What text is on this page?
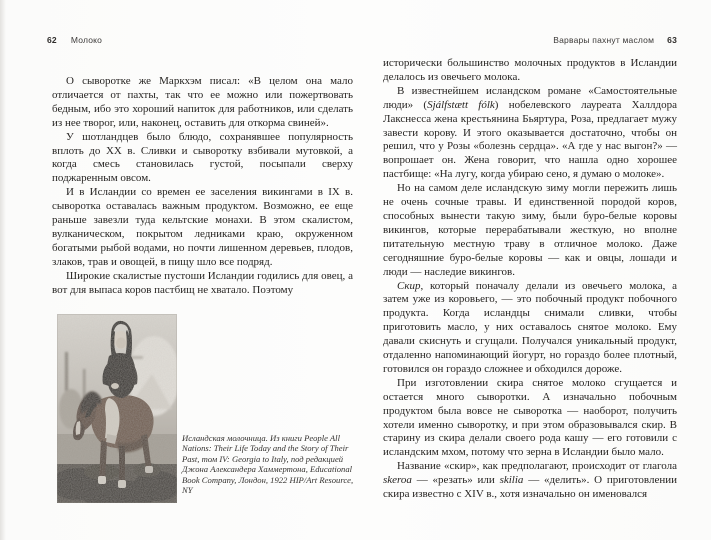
62 Молоко	Варвары пахнут маслом 63

О сыворотке же Маркхэм писал: «В целом она мало отличается от пахты, так что ее можно или пожертвовать бедным, ибо это хороший напиток для работников, или сделать из нее творог, или, наконец, оставить для откорма свиней».

У шотландцев было блюдо, сохранявшее популярность вплоть до XX в. Сливки и сыворотку взбивали мутовкой, а когда смесь становилась густой, посыпали сверху поджаренным овсом.

И в Исландии со времен ее заселения викингами в IX в. сыворотка оставалась важным продуктом. Возможно, ее еще раньше завезли туда кельтские монахи. В этом скалистом, вулканическом, покрытом ледниками краю, окруженном богатыми рыбой водами, но почти лишенном деревьев, плодов, злаков, трав и овощей, в пищу шло все подряд.

Широкие скалистые пустоши Исландии годились для овец, а вот для выпаса коров пастбищ не хватало. Поэтому

Исландская молочница. Из книги People All Nations: Their Life Today and the Story of Their Past, том IV: Georgia to Italy, под редакцией Джона Александера Хаммертона, Educational Book Company, Лондон, 1922 HIP/Art Resource, NY

исторически большинство молочных продуктов в Исландии делалось из овечьего молока.

В известнейшем исландском романе «Самостоятельные люди» (Sjálfstætt fólk) нобелевского лауреата Халлдора Лакснесса жена крестьянина Бьяртура, Роза, предлагает мужу завести корову. И этого оказывается достаточно, чтобы он решил, что у Розы «болезнь сердца». «А где у нас выгон?» — вопрошает он. Жена говорит, что нашла одно хорошее пастбище: «На лугу, когда убираю сено, я думаю о молоке».

Но на самом деле исландскую зиму могли пережить лишь не очень сочные травы. И единственной породой коров, способных вынести такую зиму, были буро-белые коровы викингов, которые перерабатывали жесткую, но вполне питательную местную траву в отличное молоко. Даже сегодняшние буро-белые коровы — как и овцы, лошади и люди — наследие викингов.

Скир, который поначалу делали из овечьего молока, а затем уже из коровьего, — это побочный продукт побочного продукта. Когда исландцы снимали сливки, чтобы приготовить масло, у них оставалось снятое молоко. Ему давали скиснуть и сгущали. Получался уникальный продукт, отдаленно напоминающий йогурт, но гораздо более плотный, готовился он гораздо сложнее и обходился дороже.

При изготовлении скира снятое молоко сгущается и остается много сыворотки. А изначально побочным продуктом была вовсе не сыворотка — наоборот, получить хотели именно сыворотку, и при этом образовывался скир. В старину из скира делали своего рода кашу — его готовили с исландским мхом, потому что зерна в Исландии было мало.

Название «скир», как предполагают, происходит от глагола skeroa — «резать» или skilia — «делить». О приготовлении скира известно с XIV в., хотя изначально он именовался
